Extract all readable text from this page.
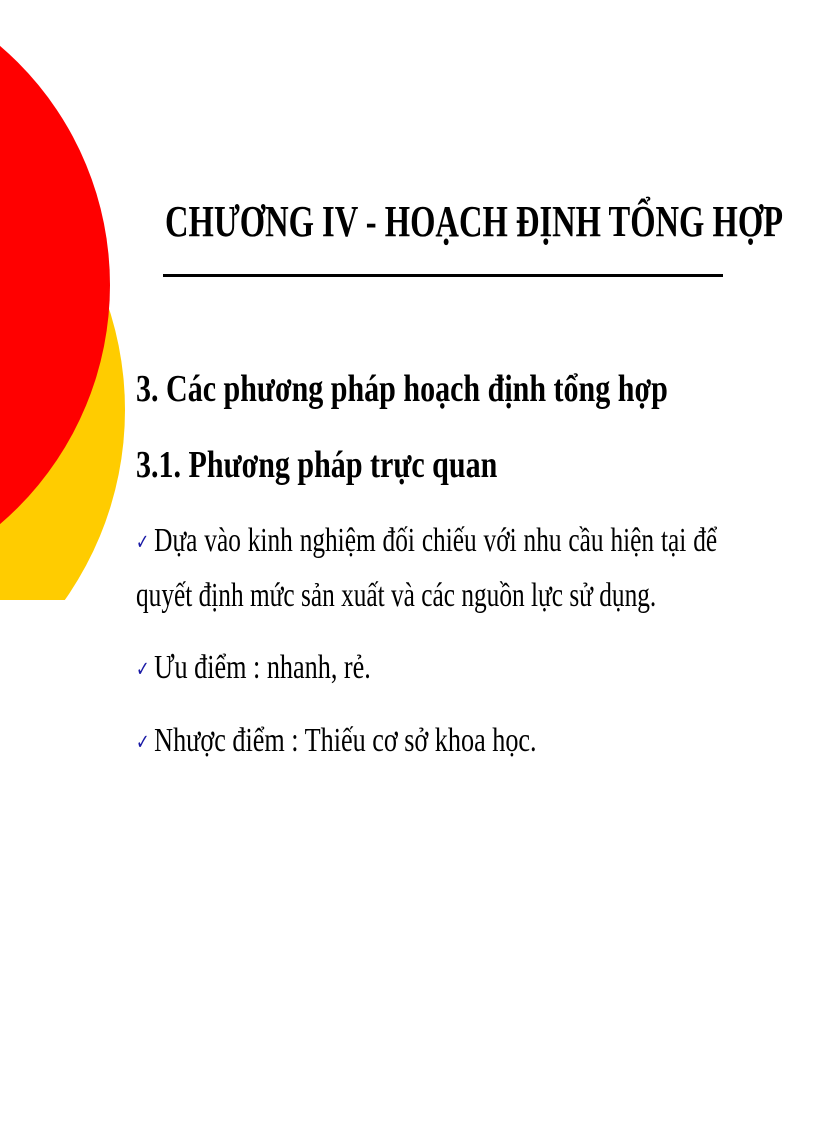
CHƯƠNG IV - HOẠCH ĐỊNH TỔNG HỢP
3. Các phương pháp hoạch định tổng hợp
3.1. Phương pháp trực quan
✓ Dựa vào kinh nghiệm đối chiếu với nhu cầu hiện tại để quyết định mức sản xuất và các nguồn lực sử dụng.
✓ Ưu điểm : nhanh, rẻ.
✓ Nhược điểm : Thiếu cơ sở khoa học.
